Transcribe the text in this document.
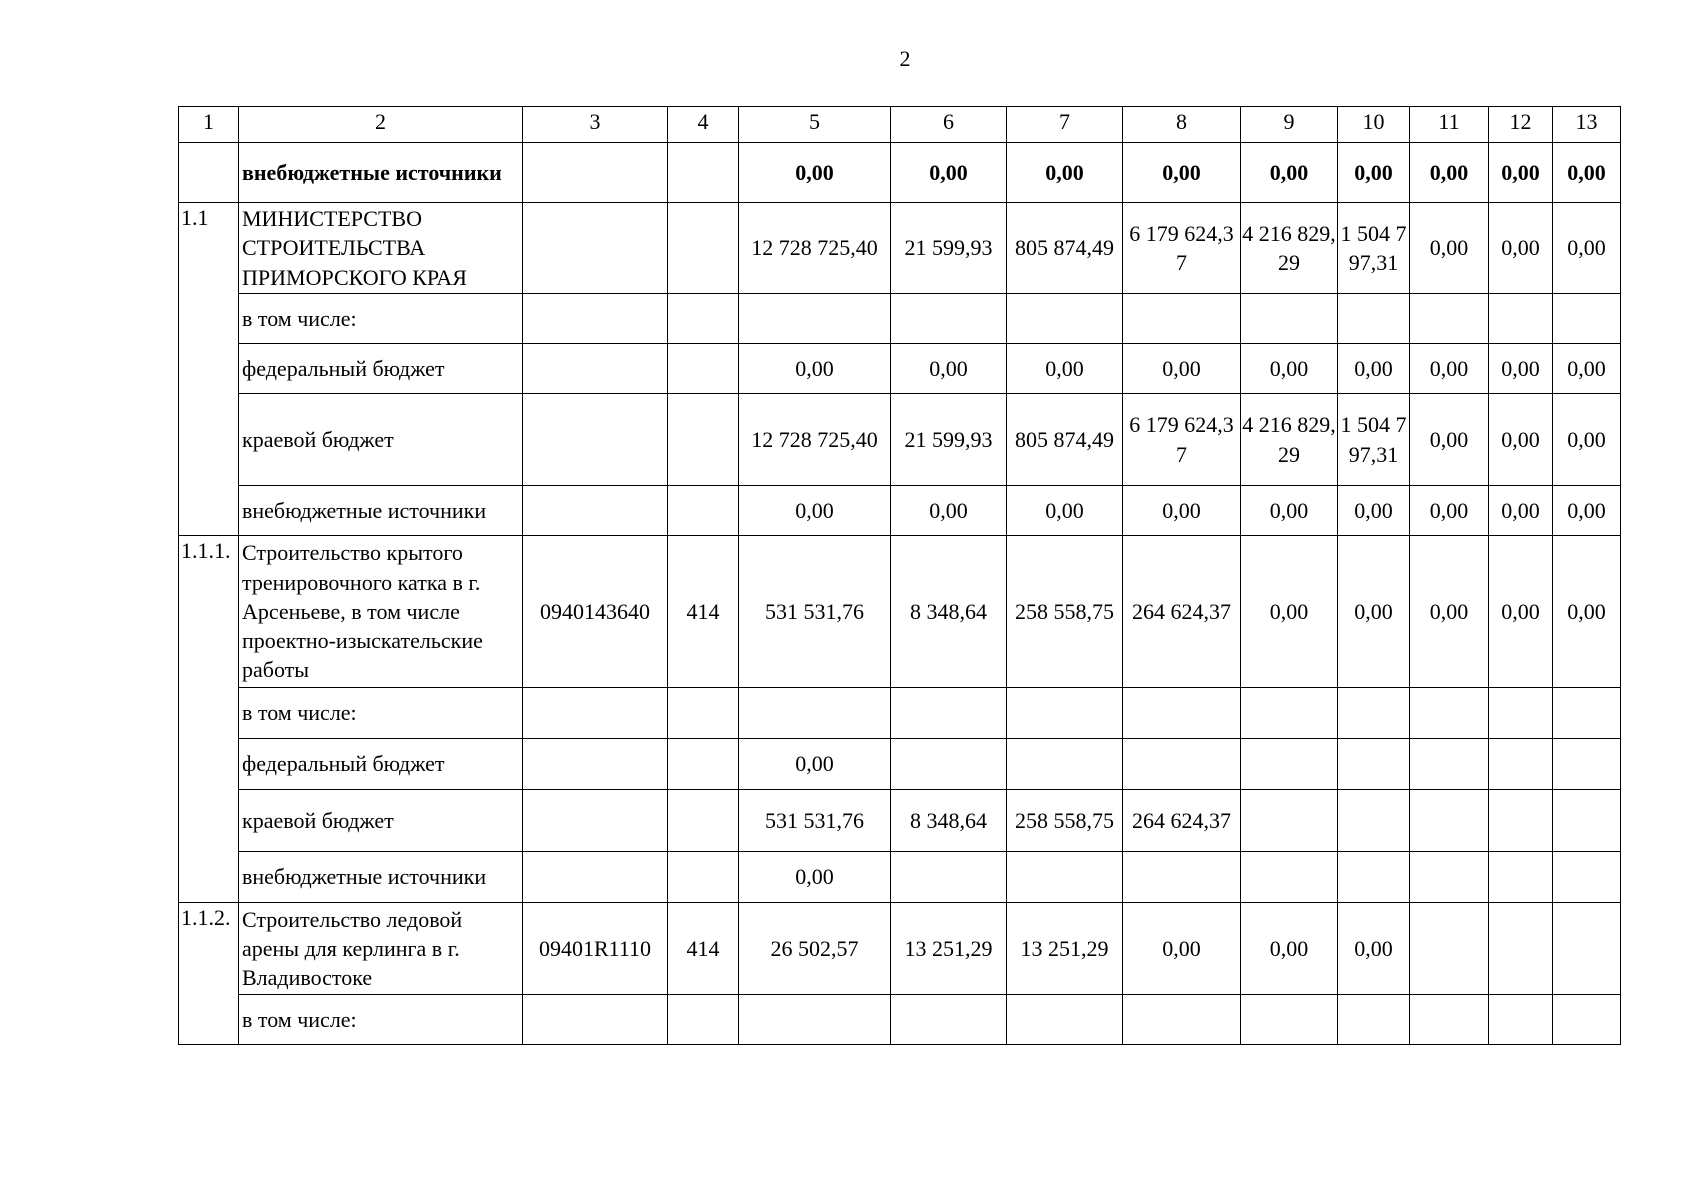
2
1	2	3	4	5	6	7	8	9	10	11	12	13
	внебюджетные источники			0,00	0,00	0,00	0,00	0,00	0,00	0,00	0,00	0,00
1.1	МИНИСТЕРСТВО СТРОИТЕЛЬСТВА ПРИМОРСКОГО КРАЯ			12 728 725,40	21 599,93	805 874,49	6 179 624,37	4 216 829,29	1 504 797,31	0,00	0,00	0,00
	в том числе:											
	федеральный бюджет			0,00	0,00	0,00	0,00	0,00	0,00	0,00	0,00	0,00
	краевой бюджет			12 728 725,40	21 599,93	805 874,49	6 179 624,37	4 216 829,29	1 504 797,31	0,00	0,00	0,00
	внебюджетные источники			0,00	0,00	0,00	0,00	0,00	0,00	0,00	0,00	0,00
1.1.1.	Строительство крытого тренировочного катка в г. Арсеньеве, в том числе проектно-изыскательские работы	0940143640	414	531 531,76	8 348,64	258 558,75	264 624,37	0,00	0,00	0,00	0,00	0,00
	в том числе:											
	федеральный бюджет			0,00								
	краевой бюджет			531 531,76	8 348,64	258 558,75	264 624,37					
	внебюджетные источники			0,00								
1.1.2.	Строительство ледовой арены для керлинга в г. Владивостоке	09401R1110	414	26 502,57	13 251,29	13 251,29	0,00	0,00	0,00			
	в том числе:											
